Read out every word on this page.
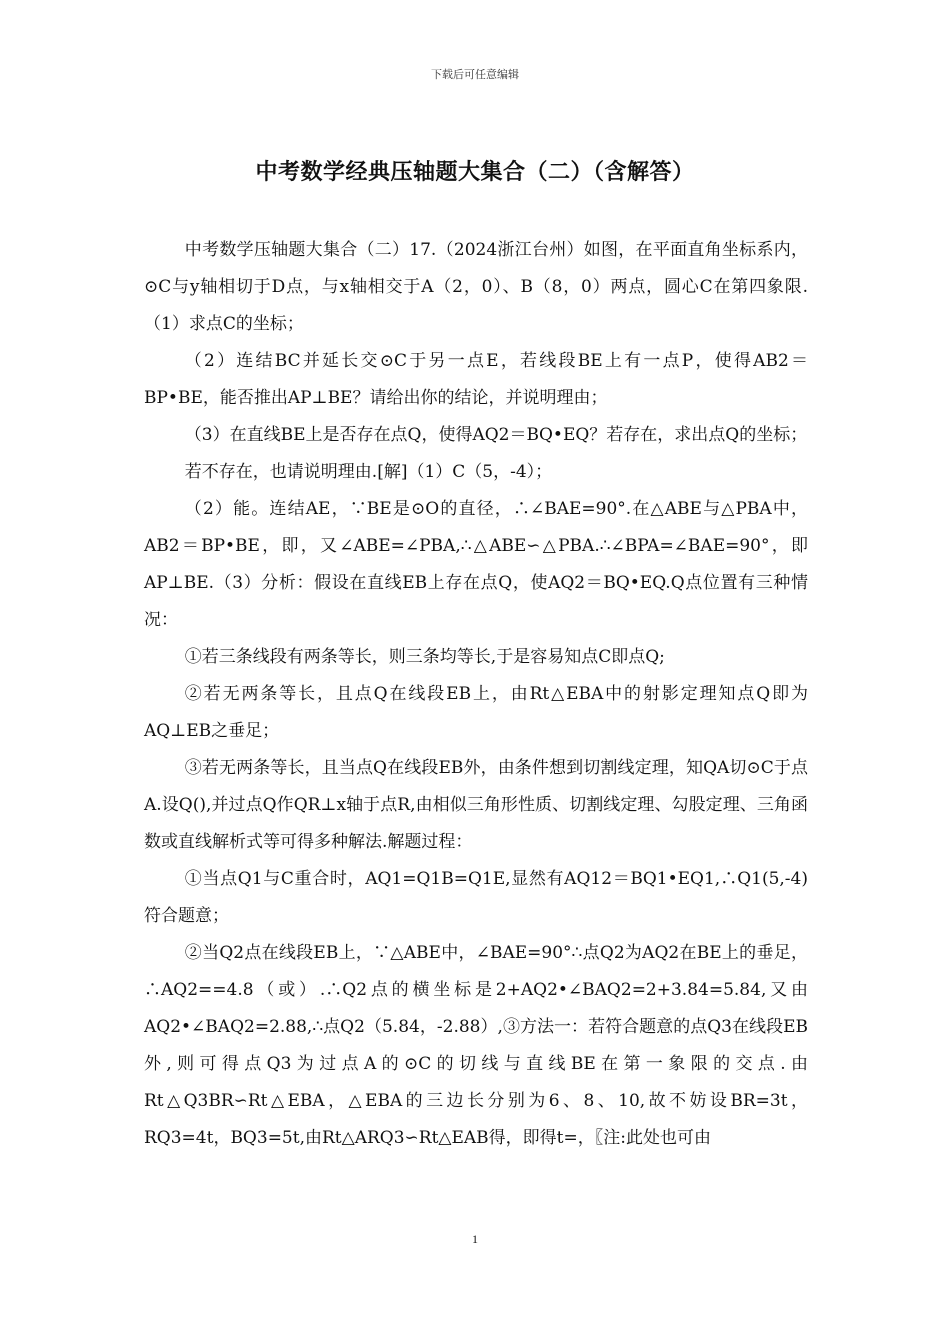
下载后可任意编辑
中考数学经典压轴题大集合（二）（含解答）

中考数学压轴题大集合（二）17.（2024浙江台州）如图，在平面直角坐标系内，⊙C与y轴相切于D点，与x轴相交于A（2，0）、B（8，0）两点，圆心C在第四象限.（1）求点C的坐标；

（2）连结BC并延长交⊙C于另一点E，若线段BE上有一点P，使得AB2＝BP•BE，能否推出AP⊥BE？请给出你的结论，并说明理由；

（3）在直线BE上是否存在点Q，使得AQ2＝BQ•EQ？若存在，求出点Q的坐标；

若不存在，也请说明理由.[解]（1）C（5，-4）；

（2）能。连结AE，∵BE是⊙O的直径，∴∠BAE=90°.在△ABE与△PBA中，AB2＝BP•BE，即，又∠ABE=∠PBA,∴△ABE∽△PBA.∴∠BPA=∠BAE=90°，即AP⊥BE.（3）分析：假设在直线EB上存在点Q，使AQ2＝BQ•EQ.Q点位置有三种情况：

①若三条线段有两条等长，则三条均等长,于是容易知点C即点Q;

②若无两条等长，且点Q在线段EB上，由Rt△EBA中的射影定理知点Q即为AQ⊥EB之垂足；

③若无两条等长，且当点Q在线段EB外，由条件想到切割线定理，知QA切⊙C于点A.设Q(),并过点Q作QR⊥x轴于点R,由相似三角形性质、切割线定理、勾股定理、三角函数或直线解析式等可得多种解法.解题过程：

①当点Q1与C重合时，AQ1=Q1B=Q1E,显然有AQ12＝BQ1•EQ1,∴Q1(5,-4)符合题意；

②当Q2点在线段EB上，∵△ABE中，∠BAE=90°∴点Q2为AQ2在BE上的垂足，∴AQ2==4.8（或）.∴Q2点的横坐标是2+AQ2•∠BAQ2=2+3.84=5.84,又由AQ2•∠BAQ2=2.88,∴点Q2（5.84，-2.88）,③方法一：若符合题意的点Q3在线段EB外,则可得点Q3为过点A的⊙C的切线与直线BE在第一象限的交点.由Rt△Q3BR∽Rt△EBA，△EBA的三边长分别为6、8、10,故不妨设BR=3t，RQ3=4t，BQ3=5t,由Rt△ARQ3∽Rt△EAB得，即得t=，〖注:此处也可由

1
